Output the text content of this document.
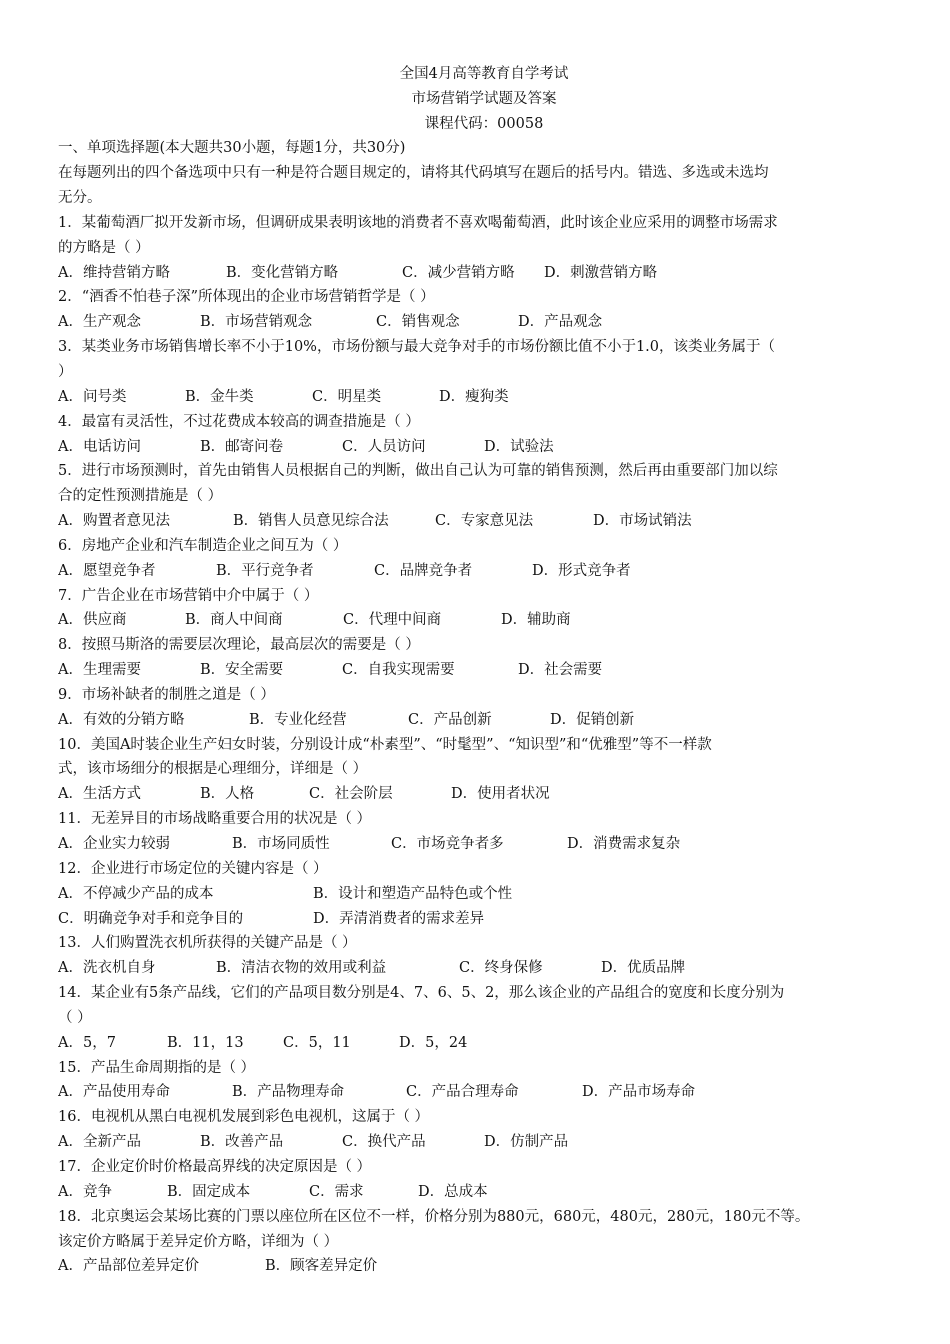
全国4月高等教育自学考试
市场营销学试题及答案
课程代码：00058
一、单项选择题(本大题共30小题，每题1分，共30分)
在每题列出的四个备选项中只有一种是符合题目规定的，请将其代码填写在题后的括号内。错选、多选或未选均
无分。
1．某葡萄酒厂拟开发新市场，但调研成果表明该地的消费者不喜欢喝葡萄酒，此时该企业应采用的调整市场需求
的方略是（ ）
A．维持营销方略	B．变化营销方略	C．减少营销方略	D．刺激营销方略
2．“酒香不怕巷子深”所体现出的企业市场营销哲学是（ ）
A．生产观念	B．市场营销观念	C．销售观念	D．产品观念
3．某类业务市场销售增长率不小于10%，市场份额与最大竞争对手的市场份额比值不小于1.0，该类业务属于（
）
A．问号类	B．金牛类	C．明星类	D．瘦狗类
4．最富有灵活性，不过花费成本较高的调查措施是（ ）
A．电话访问	B．邮寄问卷	C．人员访问	D．试验法
5．进行市场预测时，首先由销售人员根据自己的判断，做出自己认为可靠的销售预测，然后再由重要部门加以综
合的定性预测措施是（ ）
A．购置者意见法	B．销售人员意见综合法	C．专家意见法	D．市场试销法
6．房地产企业和汽车制造企业之间互为（ ）
A．愿望竞争者	B．平行竞争者	C．品牌竞争者	D．形式竞争者
7．广告企业在市场营销中介中属于（ ）
A．供应商	B．商人中间商	C．代理中间商	D．辅助商
8．按照马斯洛的需要层次理论，最高层次的需要是（ ）
A．生理需要	B．安全需要	C．自我实现需要	D．社会需要
9．市场补缺者的制胜之道是（ ）
A．有效的分销方略	B．专业化经营	C．产品创新	D．促销创新
10．美国A时装企业生产妇女时装，分别设计成“朴素型”、“时髦型”、“知识型”和“优雅型”等不一样款
式，该市场细分的根据是心理细分，详细是（ ）
A．生活方式	B．人格	C．社会阶层	D．使用者状况
11．无差异目的市场战略重要合用的状况是（ ）
A．企业实力较弱	B．市场同质性	C．市场竞争者多	D．消费需求复杂
12．企业进行市场定位的关键内容是（ ）
A．不停减少产品的成本	B．设计和塑造产品特色或个性
C．明确竞争对手和竞争目的	D．弄清消费者的需求差异
13．人们购置洗衣机所获得的关键产品是（ ）
A．洗衣机自身	B．清洁衣物的效用或利益	C．终身保修	D．优质品牌
14．某企业有5条产品线，它们的产品项目数分别是4、7、6、5、2，那么该企业的产品组合的宽度和长度分别为
（ ）
A．5，7	B．11，13	C．5，11	D．5，24
15．产品生命周期指的是（ ）
A．产品使用寿命	B．产品物理寿命	C．产品合理寿命	D．产品市场寿命
16．电视机从黑白电视机发展到彩色电视机，这属于（ ）
A．全新产品	B．改善产品	C．换代产品	D．仿制产品
17．企业定价时价格最高界线的决定原因是（ ）
A．竞争	B．固定成本	C．需求	D．总成本
18．北京奥运会某场比赛的门票以座位所在区位不一样，价格分别为880元，680元，480元，280元，180元不等。
该定价方略属于差异定价方略，详细为（ ）
A．产品部位差异定价	B．顾客差异定价
